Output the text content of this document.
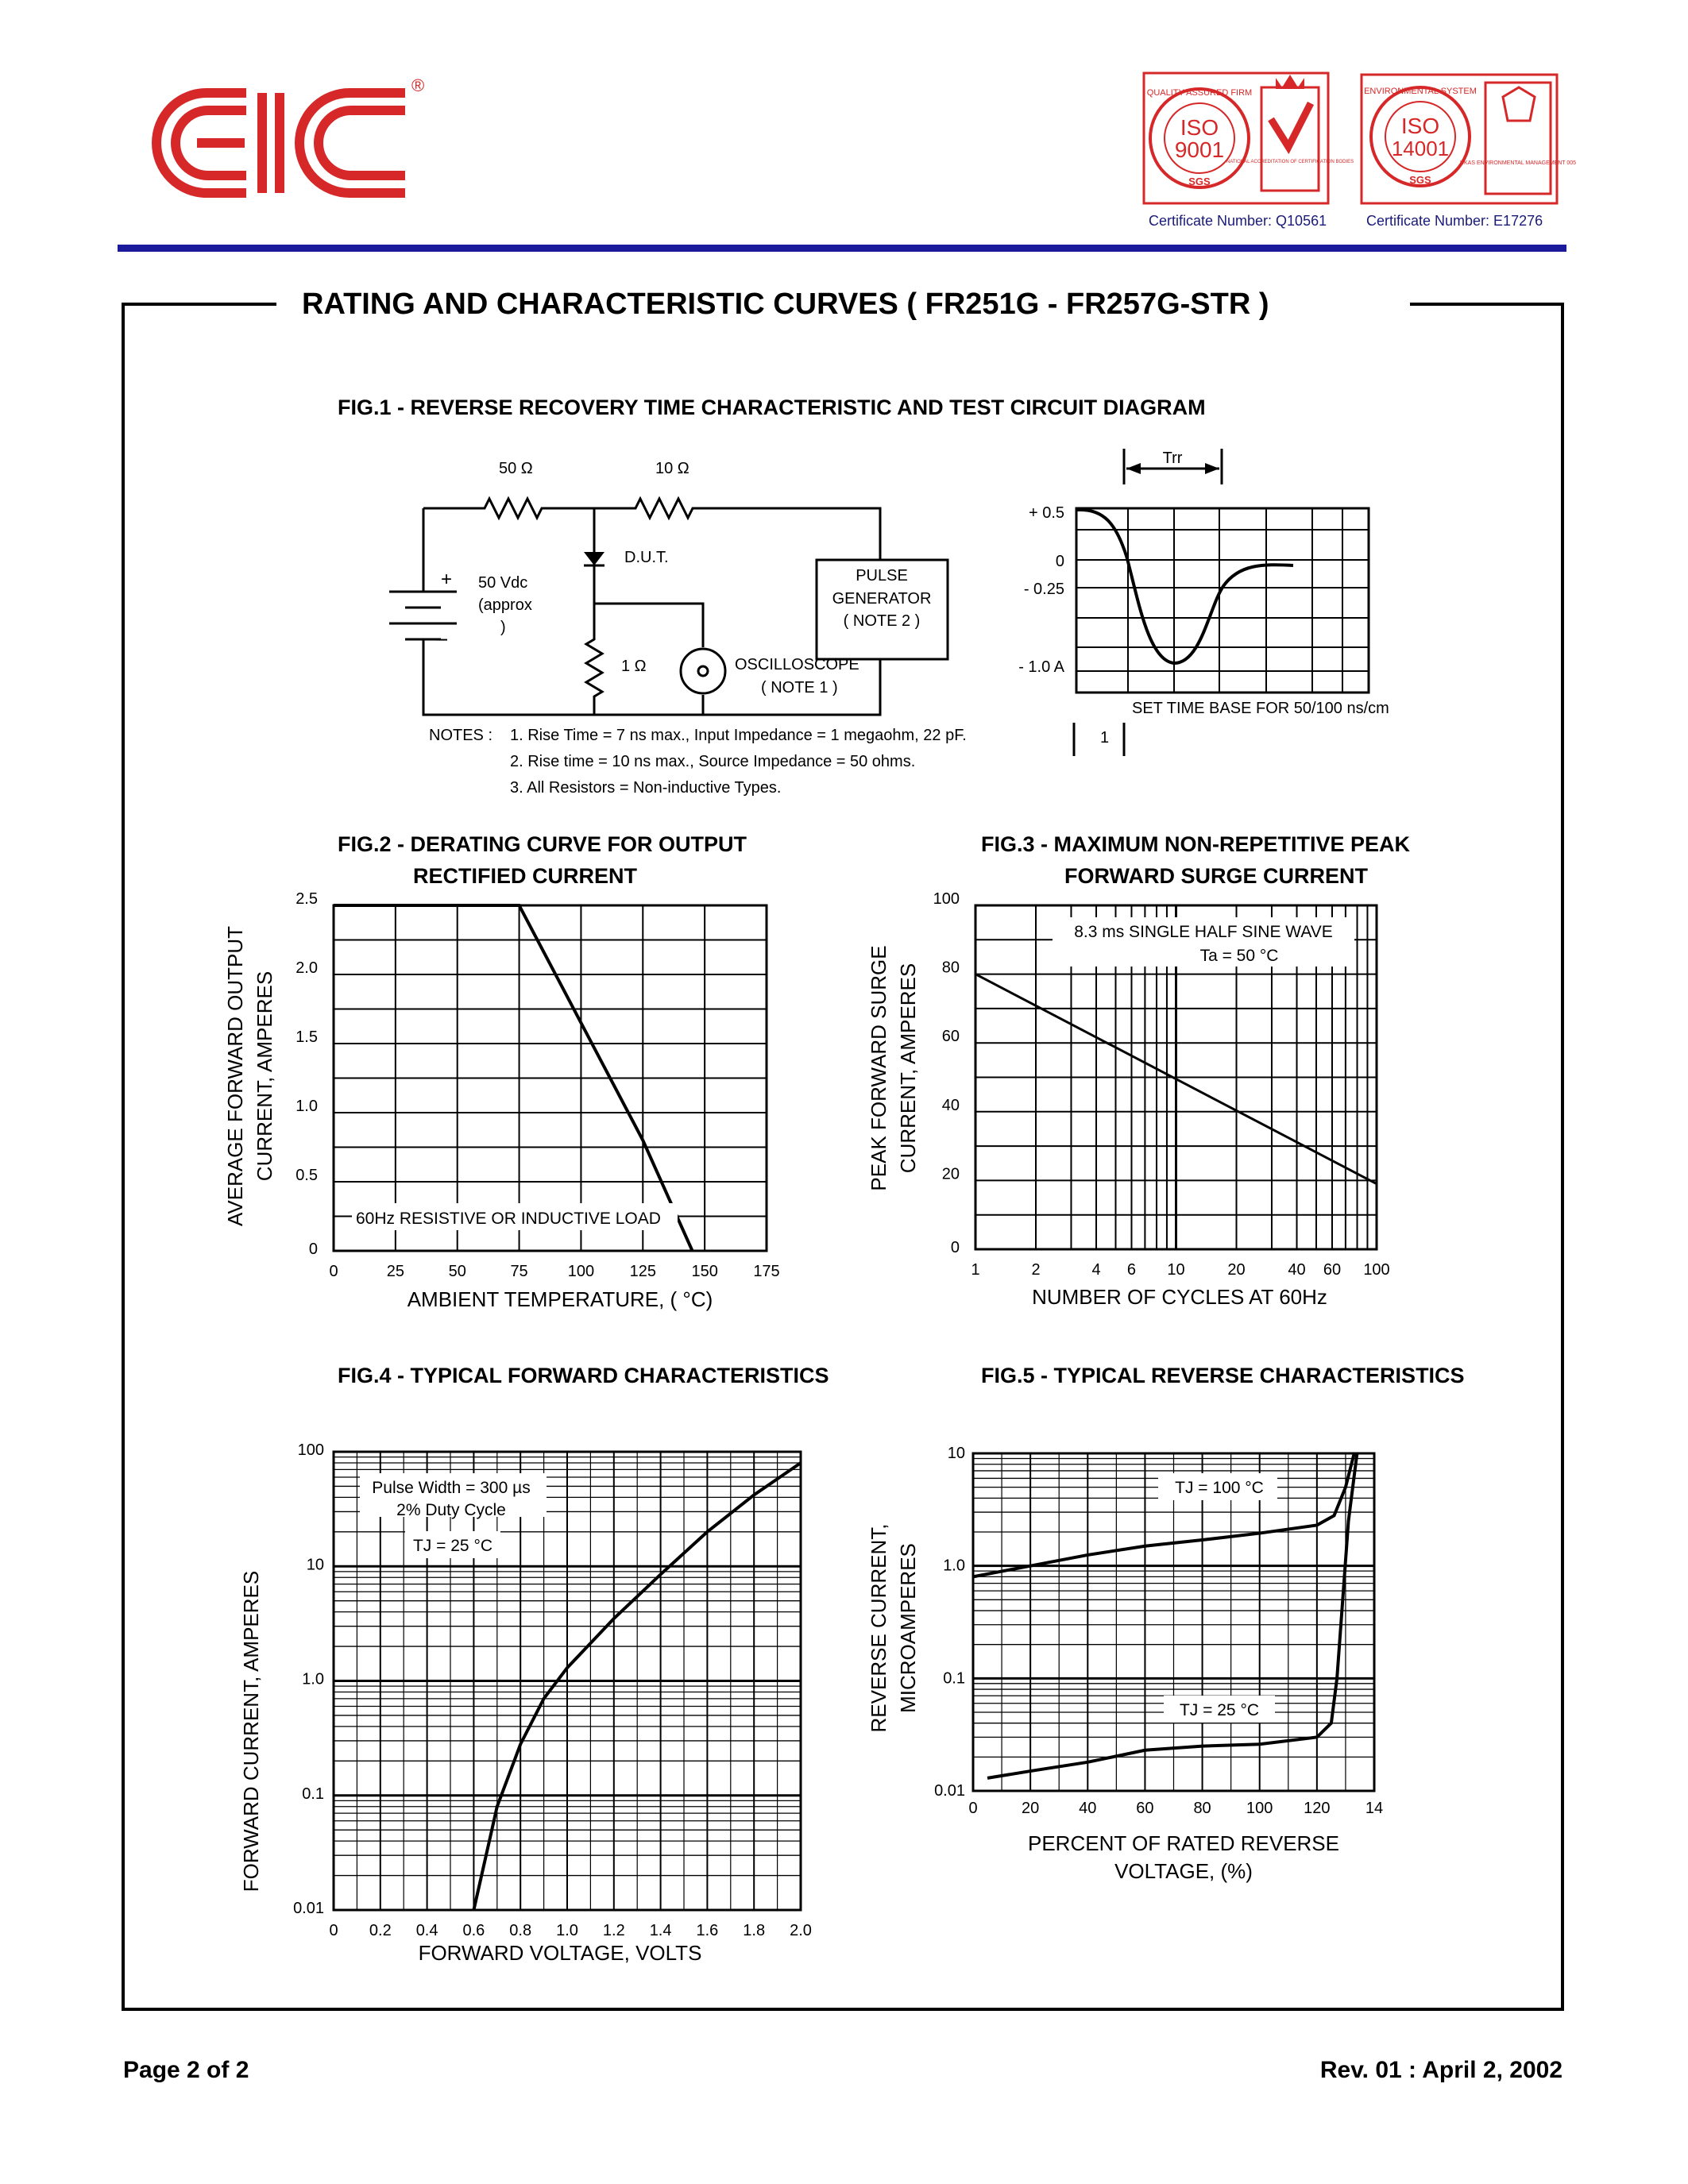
®
ISO
9001
QUALITY ASSURED FIRM
SGS
NATIONAL ACCREDITATION OF CERTIFICATION BODIES
ISO
14001
ENVIRONMENTAL SYSTEM
SGS
UKAS ENVIRONMENTAL MANAGEMENT 005
Certificate Number: Q10561	Certificate Number: E17276
RATING AND CHARACTERISTIC CURVES ( FR251G - FR257G-STR )
FIG.1 - REVERSE RECOVERY TIME CHARACTERISTIC AND TEST CIRCUIT DIAGRAM
50 Ω	10 Ω
D.U.T.
+
−
50 Vdc
(approx
)
1 Ω
PULSE
GENERATOR
( NOTE 2 )
OSCILLOSCOPE
( NOTE 1 )
NOTES : 1. Rise Time = 7 ns max., Input Impedance = 1 megaohm, 22 pF.
2. Rise time = 10 ns max., Source Impedance = 50 ohms.
3. All Resistors = Non-inductive Types.
Trr
+ 0.5
0
- 0.25
- 1.0 A
SET TIME BASE FOR 50/100 ns/cm
1
FIG.2 - DERATING CURVE FOR OUTPUT
RECTIFIED CURRENT
0	25	50	75	100 125 150 175
0
0.5
1.0
1.5
2.0
2.5
60Hz RESISTIVE OR INDUCTIVE LOAD
AMBIENT TEMPERATURE, ( °C)
AVERAGE FORWARD OUTPUT CURRENT, AMPERES
FIG.3 - MAXIMUM NON-REPETITIVE PEAK
FORWARD SURGE CURRENT
1	2	4 6 10	20	40 60 100
0
20
40
60
80
100
8.3 ms SINGLE HALF SINE WAVE
Ta = 50 °C
NUMBER OF CYCLES AT 60Hz
PEAK FORWARD SURGE CURRENT, AMPERES
FIG.4 - TYPICAL FORWARD CHARACTERISTICS
0 0.2 0.4 0.6 0.8 1.0 1.2 1.4 1.6 1.8 2.0
0.01
0.1
1.0
10
100
Pulse Width = 300 µs
2% Duty Cycle
TJ = 25 °C
FORWARD VOLTAGE, VOLTS
FORWARD CURRENT, AMPERES
FIG.5 - TYPICAL REVERSE CHARACTERISTICS
0	20 40 60 80 100 120 14
0.01
0.1
1.0
10
TJ = 100 °C
TJ = 25 °C
PERCENT OF RATED REVERSE
VOLTAGE, (%)
REVERSE CURRENT, MICROAMPERES
Page 2 of 2	Rev. 01 : April 2, 2002
